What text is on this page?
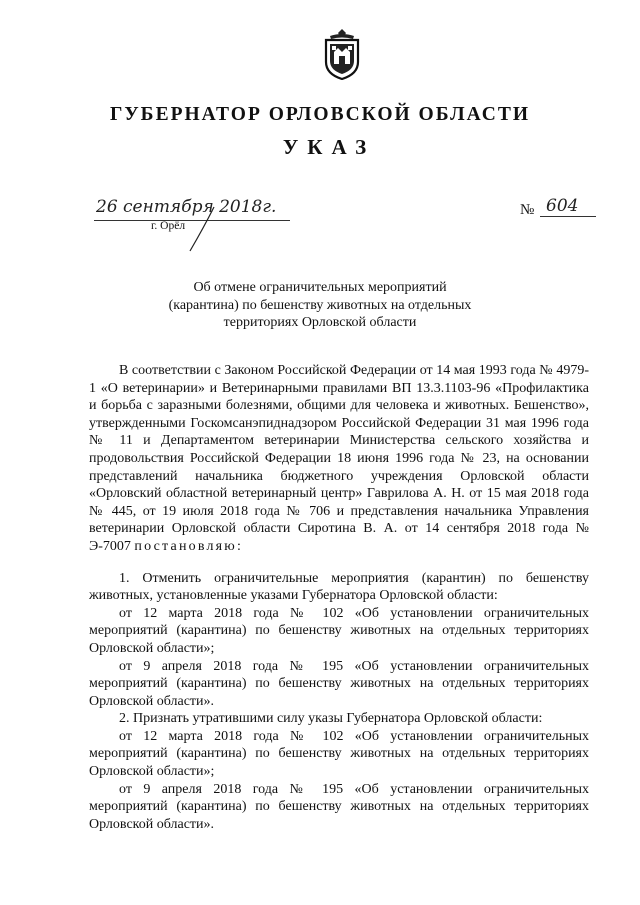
ГУБЕРНАТОР ОРЛОВСКОЙ ОБЛАСТИ
УКАЗ
26 сентября 2018г.
г. Орёл
№ 604
Об отмене ограничительных мероприятий
(карантина) по бешенству животных на отдельных
территориях Орловской области

В соответствии с Законом Российской Федерации от 14 мая 1993 года № 4979-1 «О ветеринарии» и Ветеринарными правилами ВП 13.3.1103-96 «Профилактика и борьба с заразными болезнями, общими для человека и животных. Бешенство», утвержденными Госкомсанэпиднадзором Российской Федерации 31 мая 1996 года № 11 и Департаментом ветеринарии Министерства сельского хозяйства и продовольствия Российской Федерации 18 июня 1996 года № 23, на основании представлений начальника бюджетного учреждения Орловской области «Орловский областной ветеринарный центр» Гаврилова А. Н. от 15 мая 2018 года № 445, от 19 июля 2018 года № 706 и представления начальника Управления ветеринарии Орловской области Сиротина В. А. от 14 сентября 2018 года № Э-7007 постановляю:

1. Отменить ограничительные мероприятия (карантин) по бешенству животных, установленные указами Губернатора Орловской области:

от 12 марта 2018 года № 102 «Об установлении ограничительных мероприятий (карантина) по бешенству животных на отдельных территориях Орловской области»;

от 9 апреля 2018 года № 195 «Об установлении ограничительных мероприятий (карантина) по бешенству животных на отдельных территориях Орловской области».

2. Признать утратившими силу указы Губернатора Орловской области:

от 12 марта 2018 года № 102 «Об установлении ограничительных мероприятий (карантина) по бешенству животных на отдельных территориях Орловской области»;

от 9 апреля 2018 года № 195 «Об установлении ограничительных мероприятий (карантина) по бешенству животных на отдельных территориях Орловской области».
